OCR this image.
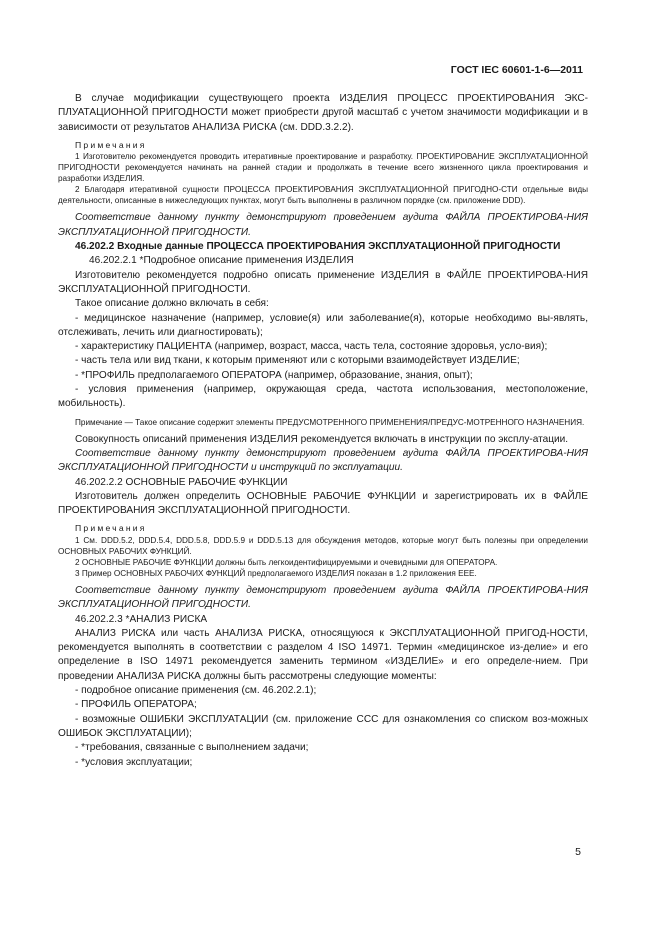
ГОСТ IEC 60601-1-6—2011

В случае модификации существующего проекта ИЗДЕЛИЯ ПРОЦЕСС ПРОЕКТИРОВАНИЯ ЭКС-ПЛУАТАЦИОННОЙ ПРИГОДНОСТИ может приобрести другой масштаб с учетом значимости модификации и в зависимости от результатов АНАЛИЗА РИСКА (см. DDD.3.2.2).

Примечания

1 Изготовителю рекомендуется проводить итеративные проектирование и разработку. ПРОЕКТИРОВАНИЕ ЭКСПЛУАТАЦИОННОЙ ПРИГОДНОСТИ рекомендуется начинать на ранней стадии и продолжать в течение всего жизненного цикла проектирования и разработки ИЗДЕЛИЯ.

2 Благодаря итеративной сущности ПРОЦЕССА ПРОЕКТИРОВАНИЯ ЭКСПЛУАТАЦИОННОЙ ПРИГОДНО-СТИ отдельные виды деятельности, описанные в нижеследующих пунктах, могут быть выполнены в различном порядке (см. приложение DDD).

Соответствие данному пункту демонстрируют проведением аудита ФАЙЛА ПРОЕКТИРОВА-НИЯ ЭКСПЛУАТАЦИОННОЙ ПРИГОДНОСТИ.

46.202.2 Входные данные ПРОЦЕССА ПРОЕКТИРОВАНИЯ ЭКСПЛУАТАЦИОННОЙ ПРИГОДНОСТИ

46.202.2.1 *Подробное описание применения ИЗДЕЛИЯ

Изготовителю рекомендуется подробно описать применение ИЗДЕЛИЯ в ФАЙЛЕ ПРОЕКТИРОВА-НИЯ ЭКСПЛУАТАЦИОННОЙ ПРИГОДНОСТИ.

Такое описание должно включать в себя:

- медицинское назначение (например, условие(я) или заболевание(я), которые необходимо вы-являть, отслеживать, лечить или диагностировать);

- характеристику ПАЦИЕНТА (например, возраст, масса, часть тела, состояние здоровья, усло-вия);

- часть тела или вид ткани, к которым применяют или с которыми взаимодействует ИЗДЕЛИЕ;

- *ПРОФИЛЬ предполагаемого ОПЕРАТОРА (например, образование, знания, опыт);

- условия применения (например, окружающая среда, частота использования, местоположение, мобильность).

Примечание — Такое описание содержит элементы ПРЕДУСМОТРЕННОГО ПРИМЕНЕНИЯ/ПРЕДУС-МОТРЕННОГО НАЗНАЧЕНИЯ.

Совокупность описаний применения ИЗДЕЛИЯ рекомендуется включать в инструкции по эксплу-атации.

Соответствие данному пункту демонстрируют проведением аудита ФАЙЛА ПРОЕКТИРОВА-НИЯ ЭКСПЛУАТАЦИОННОЙ ПРИГОДНОСТИ и инструкций по эксплуатации.

46.202.2.2 ОСНОВНЫЕ РАБОЧИЕ ФУНКЦИИ

Изготовитель должен определить ОСНОВНЫЕ РАБОЧИЕ ФУНКЦИИ и зарегистрировать их в ФАЙЛЕ ПРОЕКТИРОВАНИЯ ЭКСПЛУАТАЦИОННОЙ ПРИГОДНОСТИ.

Примечания

1 См. DDD.5.2, DDD.5.4, DDD.5.8, DDD.5.9 и DDD.5.13 для обсуждения методов, которые могут быть полезны при определении ОСНОВНЫХ РАБОЧИХ ФУНКЦИЙ.

2 ОСНОВНЫЕ РАБОЧИЕ ФУНКЦИИ должны быть легкоидентифицируемыми и очевидными для ОПЕРАТОРА.

3 Пример ОСНОВНЫХ РАБОЧИХ ФУНКЦИЙ предполагаемого ИЗДЕЛИЯ показан в 1.2 приложения ЕЕЕ.

Соответствие данному пункту демонстрируют проведением аудита ФАЙЛА ПРОЕКТИРОВА-НИЯ ЭКСПЛУАТАЦИОННОЙ ПРИГОДНОСТИ.

46.202.2.3 *АНАЛИЗ РИСКА

АНАЛИЗ РИСКА или часть АНАЛИЗА РИСКА, относящуюся к ЭКСПЛУАТАЦИОННОЙ ПРИГОД-НОСТИ, рекомендуется выполнять в соответствии с разделом 4 ISO 14971. Термин «медицинское из-делие» и его определение в ISO 14971 рекомендуется заменить термином «ИЗДЕЛИЕ» и его определе-нием. При проведении АНАЛИЗА РИСКА должны быть рассмотрены следующие моменты:

- подробное описание применения (см. 46.202.2.1);

- ПРОФИЛЬ ОПЕРАТОРА;

- возможные ОШИБКИ ЭКСПЛУАТАЦИИ (см. приложение ССС для ознакомления со списком воз-можных ОШИБОК ЭКСПЛУАТАЦИИ);

- *требования, связанные с выполнением задачи;

- *условия эксплуатации;

5
